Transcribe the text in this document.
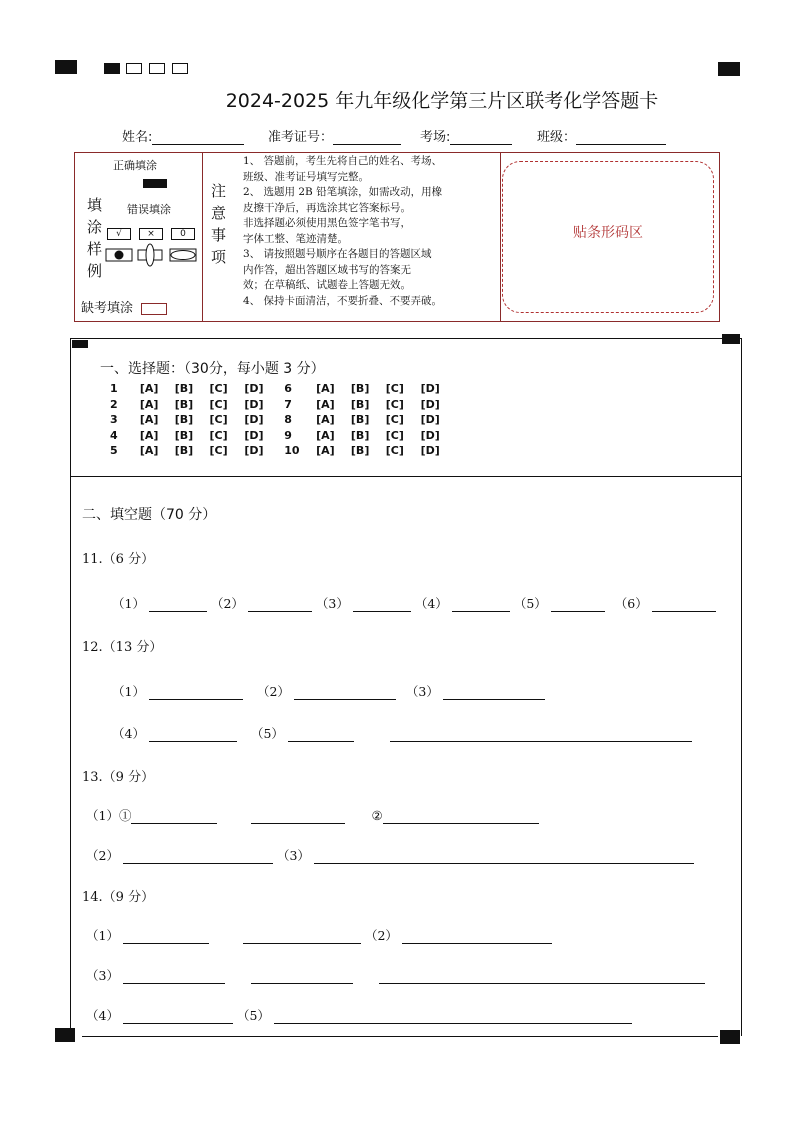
2024-2025 年九年级化学第三片区联考化学答题卡
姓名:	准考证号：	考场:	班级：
正确填涂
填
涂
样
例
错误填涂
√	×	0
缺考填涂
注
意
事
项
1、 答题前，考生先将自己的姓名、考场、
班级、准考证号填写完整。
2、 选题用 2B 铅笔填涂，如需改动，用橡
皮擦干净后，再选涂其它答案标号。
非选择题必须使用黑色签字笔书写，
字体工整、笔迹清楚。
3、 请按照题号顺序在各题目的答题区域
内作答，超出答题区域书写的答案无
效；在草稿纸、试题卷上答题无效。
4、 保持卡面清洁，不要折叠、不要弄破。
贴条形码区
一、选择题：（30分，每小题 3 分）
1 [A] [B] [C] [D] 6 [A] [B] [C] [D]
2 [A] [B] [C] [D] 7 [A] [B] [C] [D]
3 [A] [B] [C] [D] 8 [A] [B] [C] [D]
4 [A] [B] [C] [D] 9 [A] [B] [C] [D]
5 [A] [B] [C] [D] 10 [A] [B] [C] [D]
二、填空题（70 分）
11.（6 分）
（1）	（2）	（3）	（4）	（5）	（6）
12.（13 分）
（1）	（2）	（3）
（4）	（5）
13.（9 分）
（1）①	②
（2）	（3）
14.（9 分）
（1）	（2）
（3）
（4）	（5）
